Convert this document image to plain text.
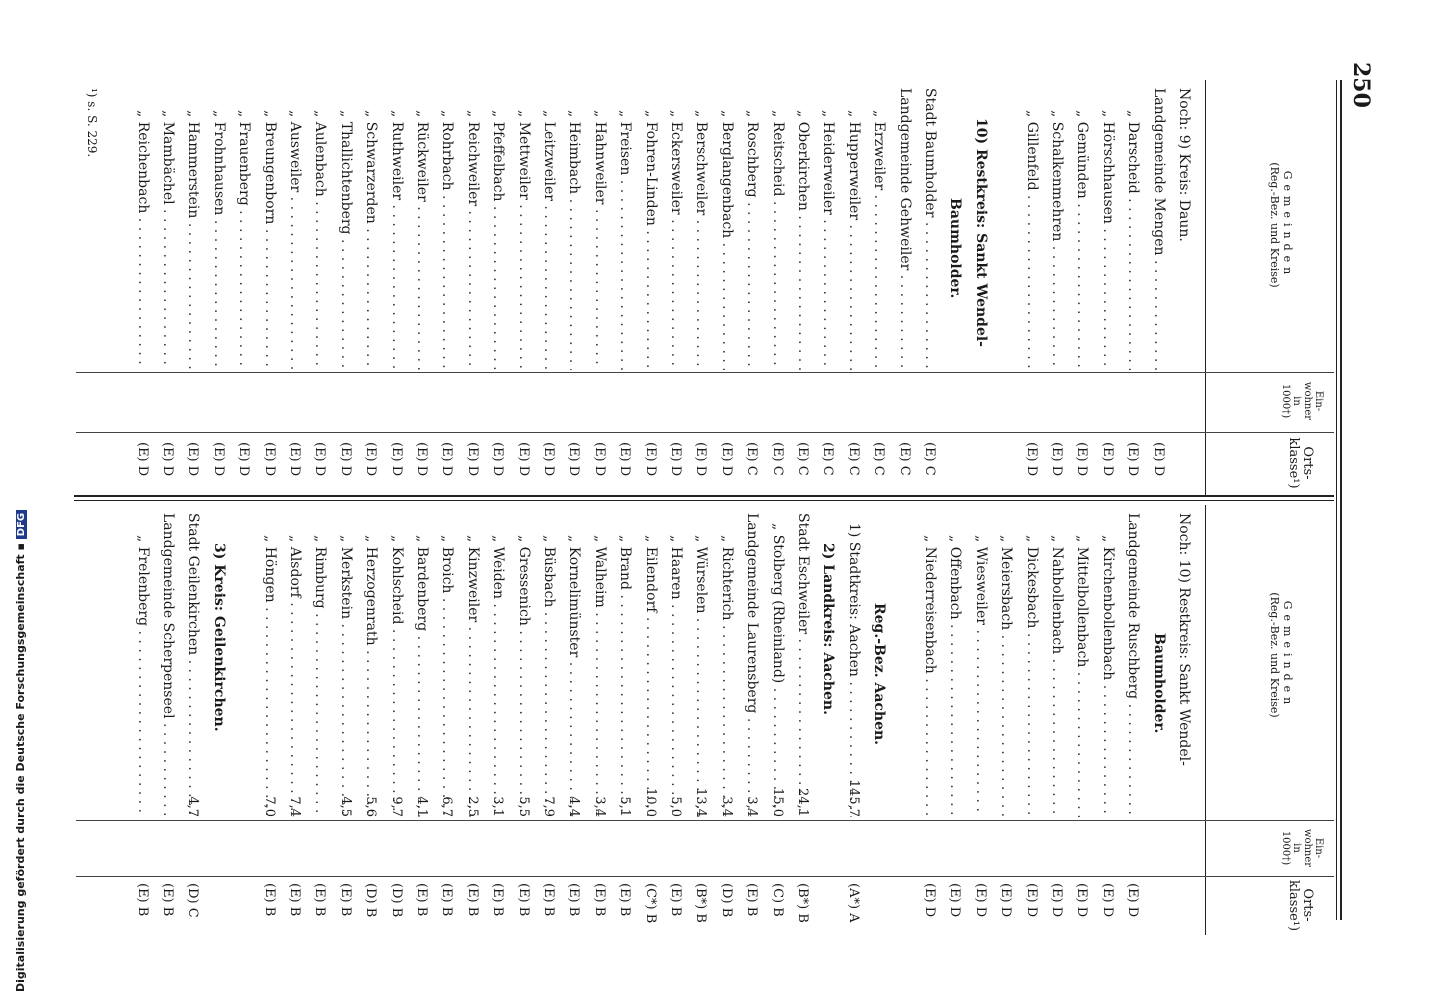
250
Gemeinden
(Reg.-Bez. und Kreise)
Ein-
wohner
in
1000†)
Orts-
klasse¹)
Gemeinden
(Reg.-Bez. und Kreise)
Ein-
wohner
in
1000†)
Orts-
klasse¹)
Noch: 9) Kreis: Daun.
Landgemeinde Mengen . . .
(E) D
„ Darscheid . . .
(E) D
„ Hörschhausen . . .
(E) D
„ Gemünden . . .
(E) D
„ Schalkenmehren . . .
(E) D
„ Gillenfeld . . .
(E) D
10) Restkreis: Sankt Wendel-
Baumholder.
Stadt Baumholder . . .
(E) C
Landgemeinde Gehweiler . . .
(E) C
„ Erzweiler . . .
(E) C
„ Hupperweiler . . .
(E) C
„ Heiderweiler . . .
(E) C
„ Oberkirchen . . .
(E) C
„ Reitscheid . . .
(E) C
„ Roschberg . . .
(E) C
„ Berglangenbach . . .
(E) D
„ Berschweiler . . .
(E) D
„ Eckersweiler . . .
(E) D
„ Fohren-Linden . . .
(E) D
„ Freisen . . .
(E) D
„ Hahnweiler . . .
(E) D
„ Heimbach . . .
(E) D
„ Leitzweiler . . .
(E) D
„ Mettweiler . . .
(E) D
„ Pfeffelbach . . .
(E) D
„ Reichweiler . . .
(E) D
„ Rohrbach . . .
(E) D
„ Rückweiler . . .
(E) D
„ Ruthweiler . . .
(E) D
„ Schwarzerden . . .
(E) D
„ Thallichtenberg . . .
(E) D
„ Aulenbach . . .
(E) D
„ Ausweiler . . .
(E) D
„ Breungenborn . . .
(E) D
„ Frauenberg . . .
(E) D
„ Frohnhausen . . .
(E) D
„ Hammerstein . . .
(E) D
„ Mambächel . . .
(E) D
„ Reichenbach . . .
(E) D
Noch: 10) Restkreis: Sankt Wendel-
Baumholder.
Landgemeinde Ruschberg . . .
(E) D
„ Kirchenbollenbach . . .
(E) D
„ Mittelbollenbach . . .
(E) D
„ Nahbollenbach . . .
(E) D
„ Dickesbach . . .
(E) D
„ Meiersbach . . .
(E) D
„ Wiesweiler . . .
(E) D
„ Offenbach . . .
(E) D
„ Niederreisenbach . . .
(E) D
Reg.-Bez. Aachen.
1) Stadtkreis: Aachen . . .
145,7
(A*) A
2) Landkreis: Aachen.
Stadt Eschweiler . . .
24,1
(B*) B
„ Stolberg (Rheinland) . . .
15,0
(C) B
Landgemeinde Laurensberg . . .
3,4
(E) B
„ Richterich . . .
3,4
(D) B
„ Würselen . . .
13,4
(B*) B
„ Haaren . . .
5,0
(E) B
„ Eilendorf . . .
10,0
(C*) B
„ Brand . . .
5,1
(E) B
„ Walheim . . .
3,4
(E) B
„ Kornelimünster . . .
4,4
(E) B
„ Büsbach . . .
7,9
(E) B
„ Gressenich . . .
5,5
(E) B
„ Weiden . . .
3,1
(E) B
„ Kinzweiler . . .
2,5
(E) B
„ Broich . . .
6,7
(E) B
„ Bardenberg . . .
4,1
(E) B
„ Kohlscheid . . .
9,7
(D) B
„ Herzogenrath . . .
5,6
(D) B
„ Merkstein . . .
4,5
(E) B
„ Rimburg . . .
(E) B
„ Alsdorf . . .
7,4
(E) B
„ Höngen . . .
7,0
(E) B
3) Kreis: Geilenkirchen.
Stadt Geilenkirchen . . .
4,7
(D) C
Landgemeinde Scherpenseel . . .
(E) B
„ Frelenberg . . .
(E) B
¹) s. S. 229.
Digitalisierung gefördert durch die Deutsche Forschungsgemeinschaft ▪ DFG
